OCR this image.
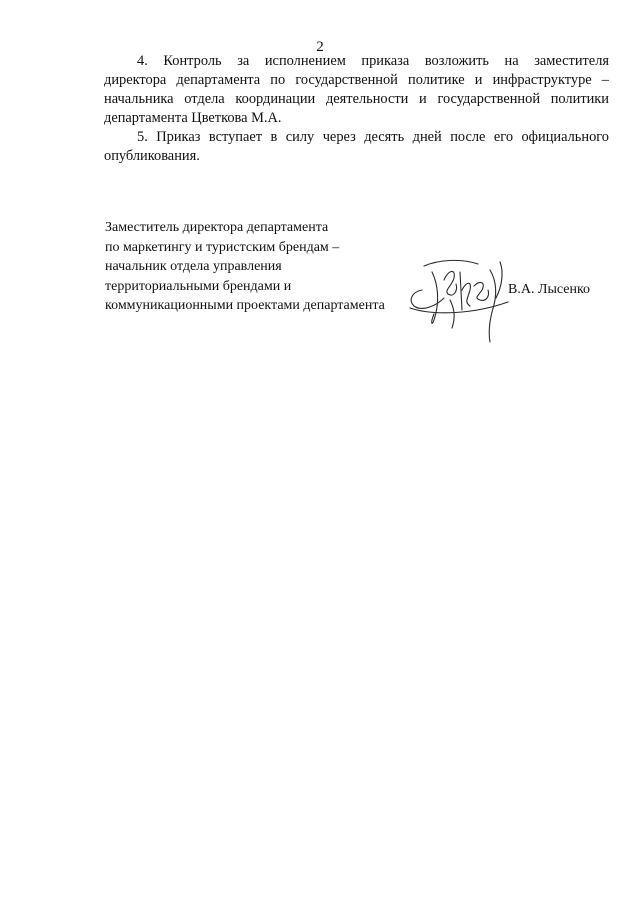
2
4. Контроль за исполнением приказа возложить на заместителя
директора департамента по государственной политике и инфраструктуре –
начальника отдела координации деятельности и государственной политики
департамента Цветкова М.А.
5. Приказ вступает в силу через десять дней после его официального
опубликования.
Заместитель директора департамента
по маркетингу и туристским брендам –
начальник отдела управления
территориальными брендами и
коммуникационными проектами департамента
В.А. Лысенко
